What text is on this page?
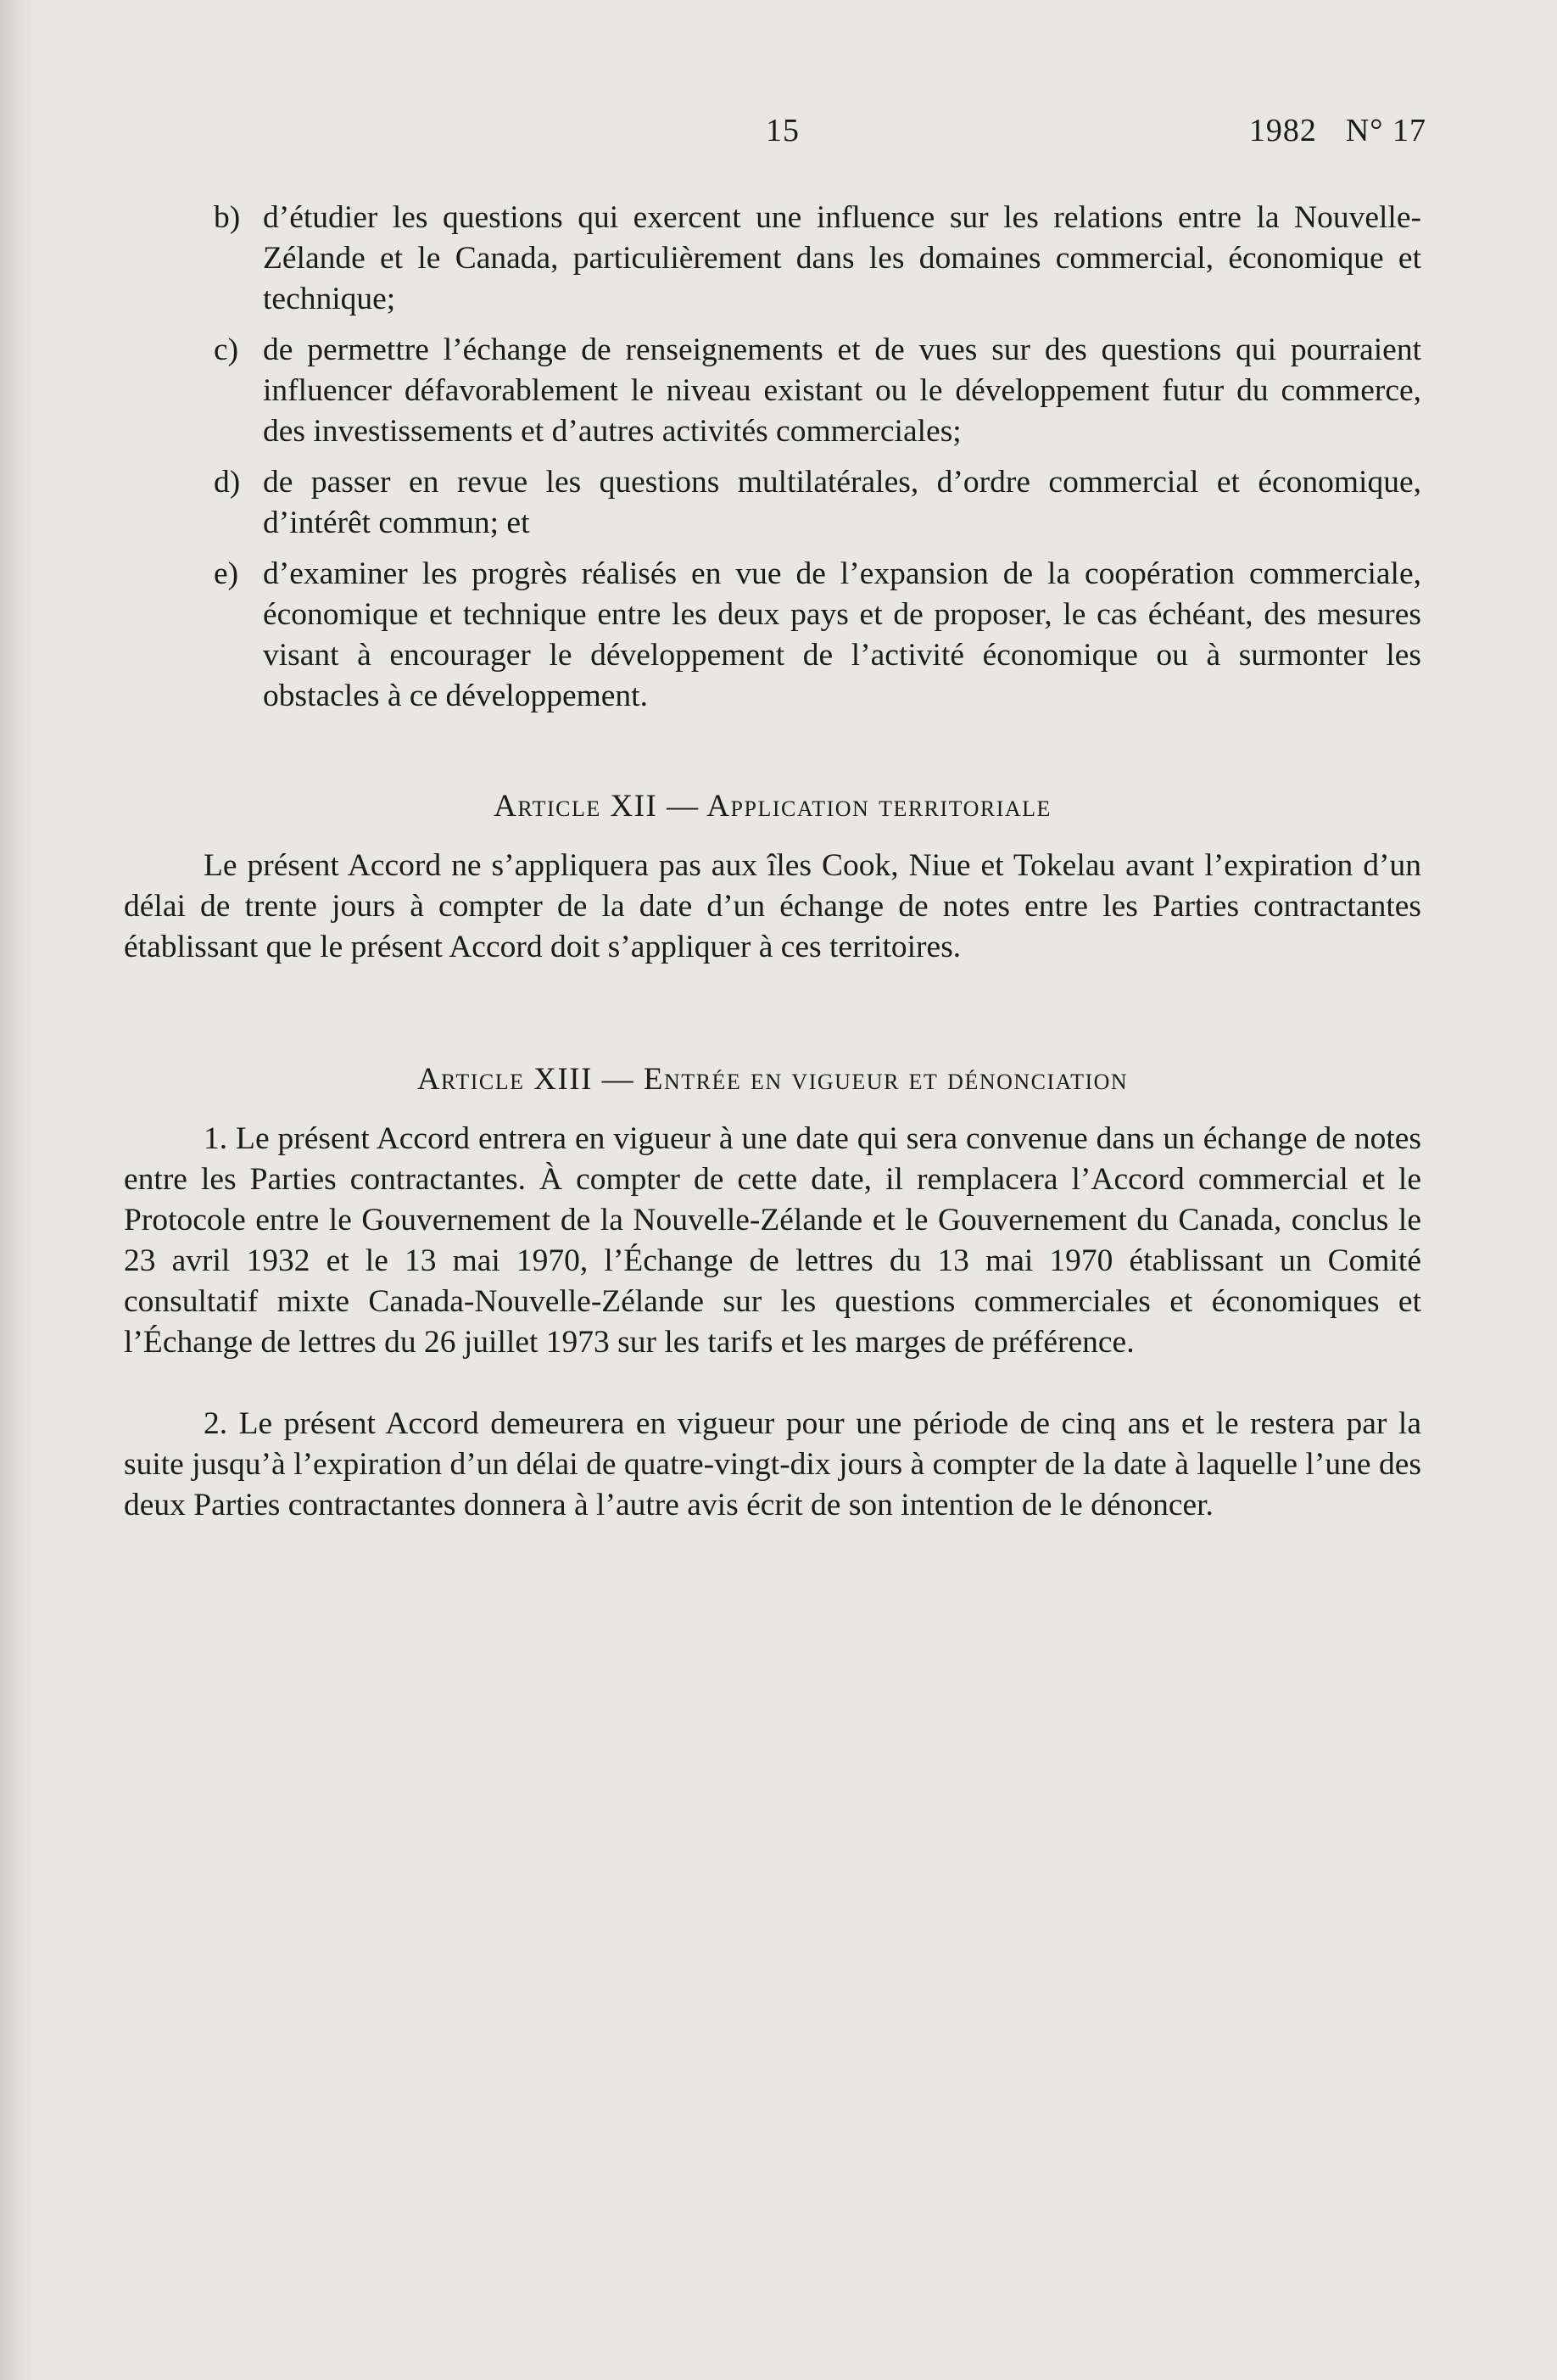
15	1982 N° 17
b) d’étudier les questions qui exercent une influence sur les relations entre la Nouvelle-Zélande et le Canada, particulièrement dans les domaines commercial, économique et technique;
c) de permettre l’échange de renseignements et de vues sur des questions qui pourraient influencer défavorablement le niveau existant ou le développement futur du commerce, des investissements et d’autres activités commerciales;
d) de passer en revue les questions multilatérales, d’ordre commercial et économique, d’intérêt commun; et
e) d’examiner les progrès réalisés en vue de l’expansion de la coopération commerciale, économique et technique entre les deux pays et de proposer, le cas échéant, des mesures visant à encourager le développement de l’activité économique ou à surmonter les obstacles à ce développement.
Article XII — Application territoriale

Le présent Accord ne s’appliquera pas aux îles Cook, Niue et Tokelau avant l’expiration d’un délai de trente jours à compter de la date d’un échange de notes entre les Parties contractantes établissant que le présent Accord doit s’appliquer à ces territoires.

Article XIII — Entrée en vigueur et dénonciation

1. Le présent Accord entrera en vigueur à une date qui sera convenue dans un échange de notes entre les Parties contractantes. À compter de cette date, il remplacera l’Accord commercial et le Protocole entre le Gouvernement de la Nouvelle-Zélande et le Gouvernement du Canada, conclus le 23 avril 1932 et le 13 mai 1970, l’Échange de lettres du 13 mai 1970 établissant un Comité consultatif mixte Canada-Nouvelle-Zélande sur les questions commerciales et économiques et l’Échange de lettres du 26 juillet 1973 sur les tarifs et les marges de préférence.

2. Le présent Accord demeurera en vigueur pour une période de cinq ans et le restera par la suite jusqu’à l’expiration d’un délai de quatre-vingt-dix jours à compter de la date à laquelle l’une des deux Parties contractantes donnera à l’autre avis écrit de son intention de le dénoncer.
